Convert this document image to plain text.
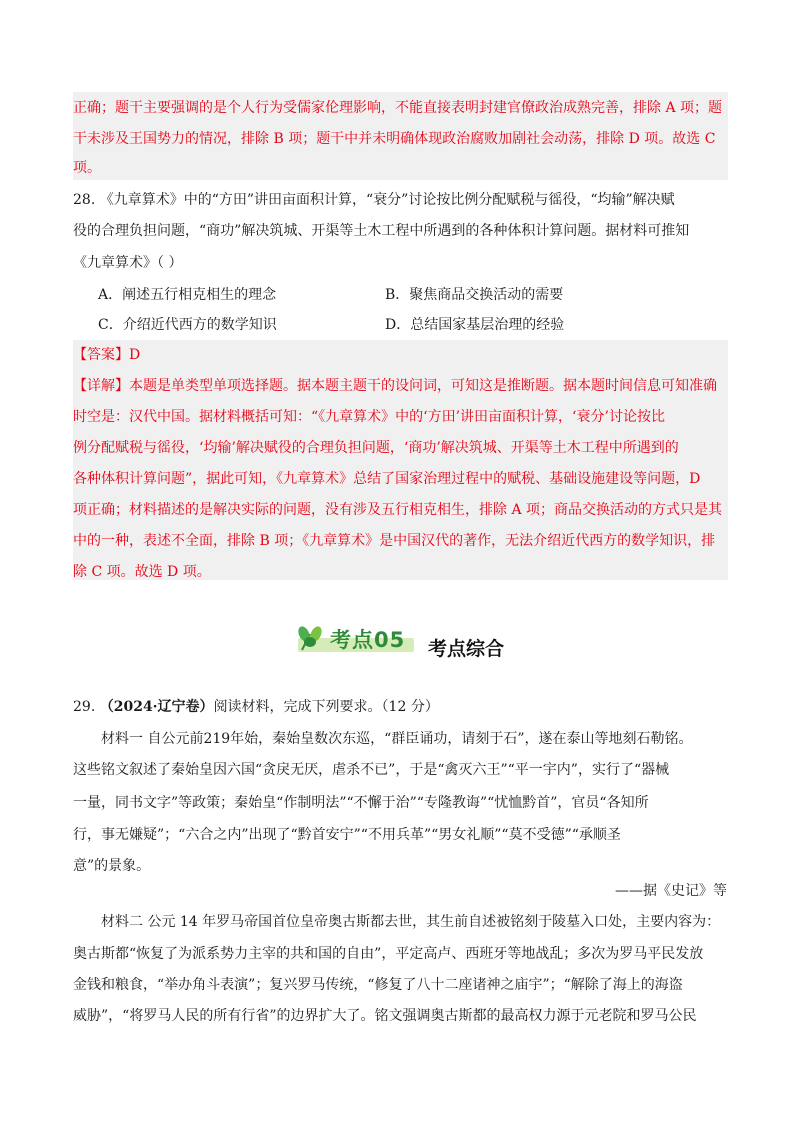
正确；题干主要强调的是个人行为受儒家伦理影响，不能直接表明封建官僚政治成熟完善，排除 A 项；题
干未涉及王国势力的情况，排除 B 项；题干中并未明确体现政治腐败加剧社会动荡，排除 D 项。故选 C
项。
28. 《九章算术》中的“方田”讲田亩面积计算，“衰分”讨论按比例分配赋税与徭役，“均输”解决赋
役的合理负担问题，“商功”解决筑城、开渠等土木工程中所遇到的各种体积计算问题。据材料可推知
《九章算术》（ ）
A．阐述五行相克相生的理念	B．聚焦商品交换活动的需要
C．介绍近代西方的数学知识	D．总结国家基层治理的经验
【答案】D
【详解】本题是单类型单项选择题。据本题主题干的设问词，可知这是推断题。据本题时间信息可知准确
时空是：汉代中国。据材料概括可知：“《九章算术》中的‘方田’讲田亩面积计算，‘衰分’讨论按比
例分配赋税与徭役，‘均输’解决赋役的合理负担问题，‘商功’解决筑城、开渠等土木工程中所遇到的
各种体积计算问题”，据此可知，《九章算术》总结了国家治理过程中的赋税、基础设施建设等问题，D
项正确；材料描述的是解决实际的问题，没有涉及五行相克相生，排除 A 项；商品交换活动的方式只是其
中的一种，表述不全面，排除 B 项；《九章算术》是中国汉代的著作，无法介绍近代西方的数学知识，排
除 C 项。故选 D 项。
考点05 考点综合
29. （2024·辽宁卷）阅读材料，完成下列要求。（12 分）
材料一 自公元前219年始，秦始皇数次东巡，“群臣诵功，请刻于石”，遂在泰山等地刻石勒铭。
这些铭文叙述了秦始皇因六国“贪戾无厌，虐杀不已”，于是“禽灭六王”“平一宇内”，实行了“器械
一量，同书文字”等政策；秦始皇“作制明法”“不懈于治”“专隆教诲”“忧恤黔首”，官员“各知所
行，事无嫌疑”；“六合之内”出现了“黔首安宁”“不用兵革”“男女礼顺”“莫不受德”“承顺圣
意”的景象。
——据《史记》等
材料二 公元 14 年罗马帝国首位皇帝奥古斯都去世，其生前自述被铭刻于陵墓入口处，主要内容为：
奥古斯都“恢复了为派系势力主宰的共和国的自由”，平定高卢、西班牙等地战乱；多次为罗马平民发放
金钱和粮食，“举办角斗表演”；复兴罗马传统，“修复了八十二座诸神之庙宇”；“解除了海上的海盗
威胁”，“将罗马人民的所有行省”的边界扩大了。铭文强调奥古斯都的最高权力源于元老院和罗马公民
